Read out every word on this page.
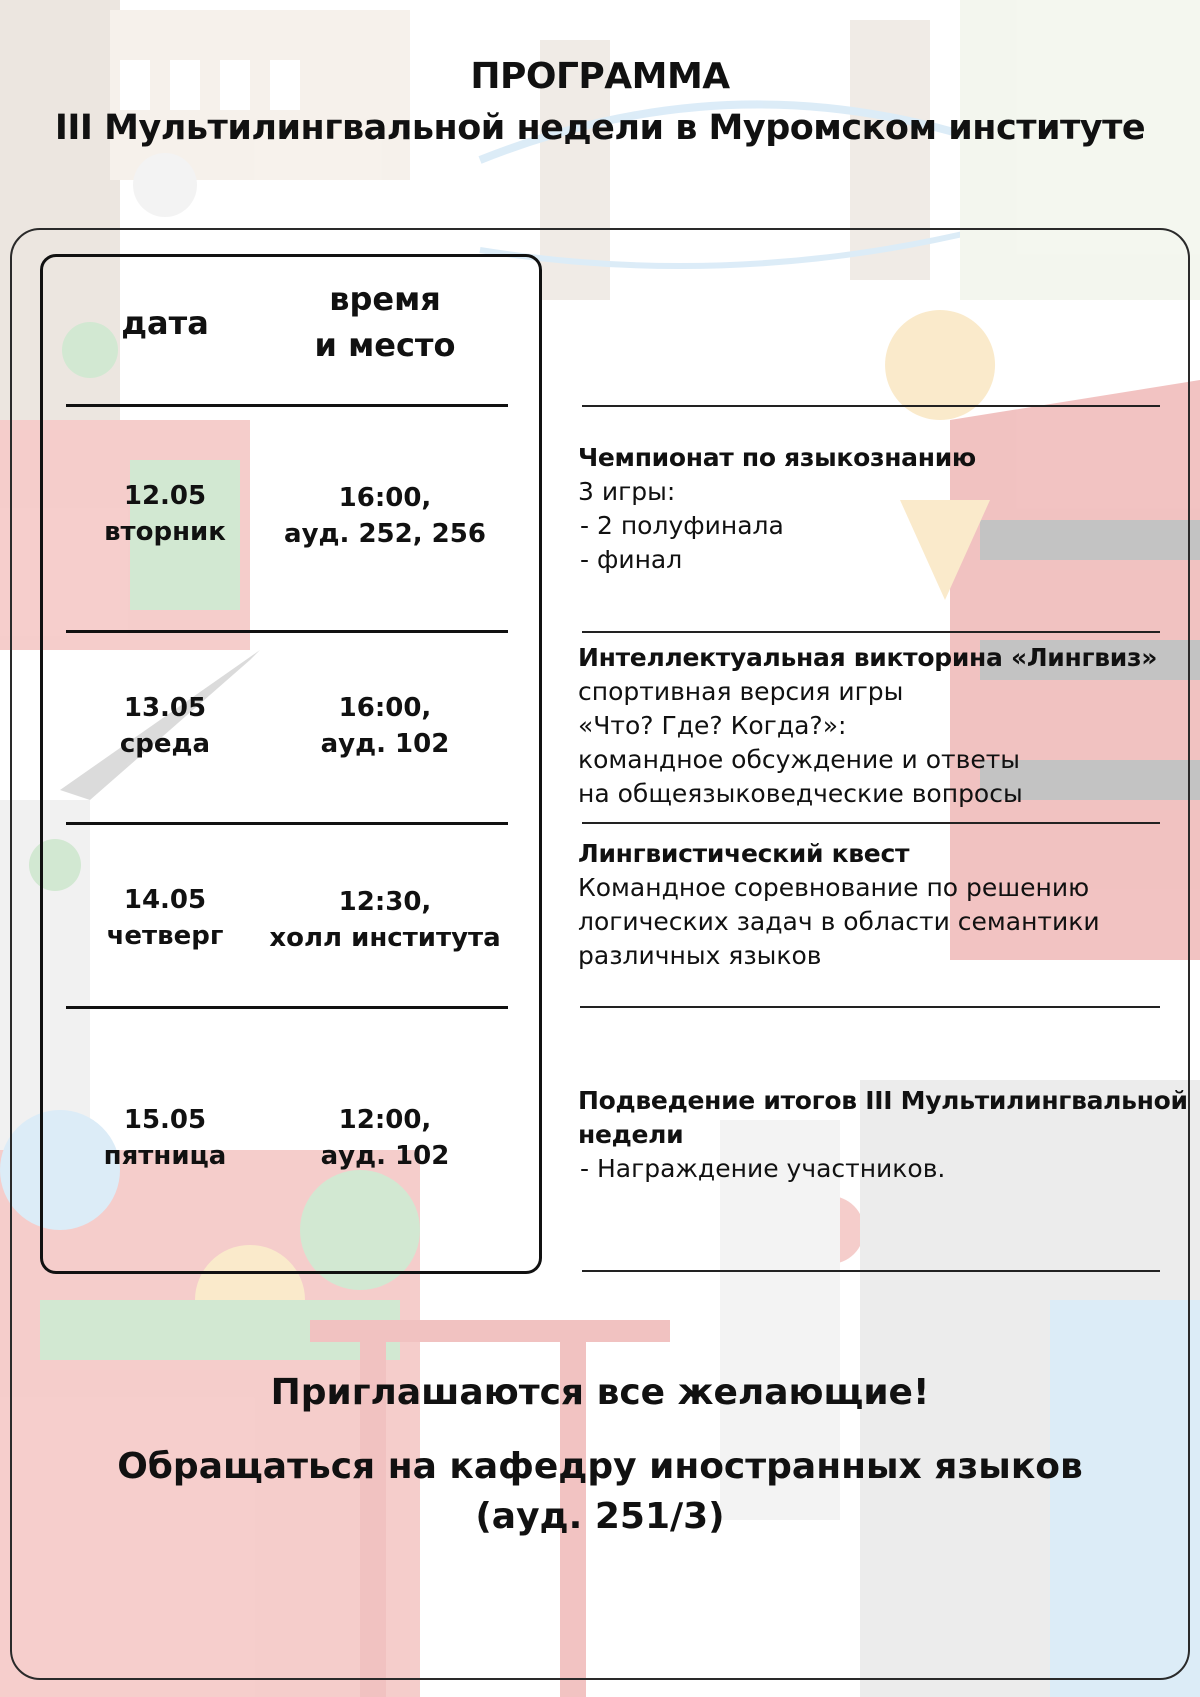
ПРОГРАММА
III Мультилингвальной недели в Муромском институте
дата
время
и место
12.05
вторник
16:00,
ауд. 252, 256
13.05
среда
16:00,
ауд. 102
14.05
четверг
12:30,
холл института
15.05
пятница
12:00,
ауд. 102
Чемпионат по языкознанию
3 игры:
- 2 полуфинала
- финал
Интеллектуальная викторина «Лингвиз»
спортивная версия игры
«Что? Где? Когда?»:
командное обсуждение и ответы
на общеязыковедческие вопросы
Лингвистический квест
Командное соревнование по решению
логических задач в области семантики
различных языков
Подведение итогов III Мультилингвальной
недели
- Награждение участников.
Приглашаются все желающие!
Обращаться на кафедру иностранных языков
(ауд. 251/3)
